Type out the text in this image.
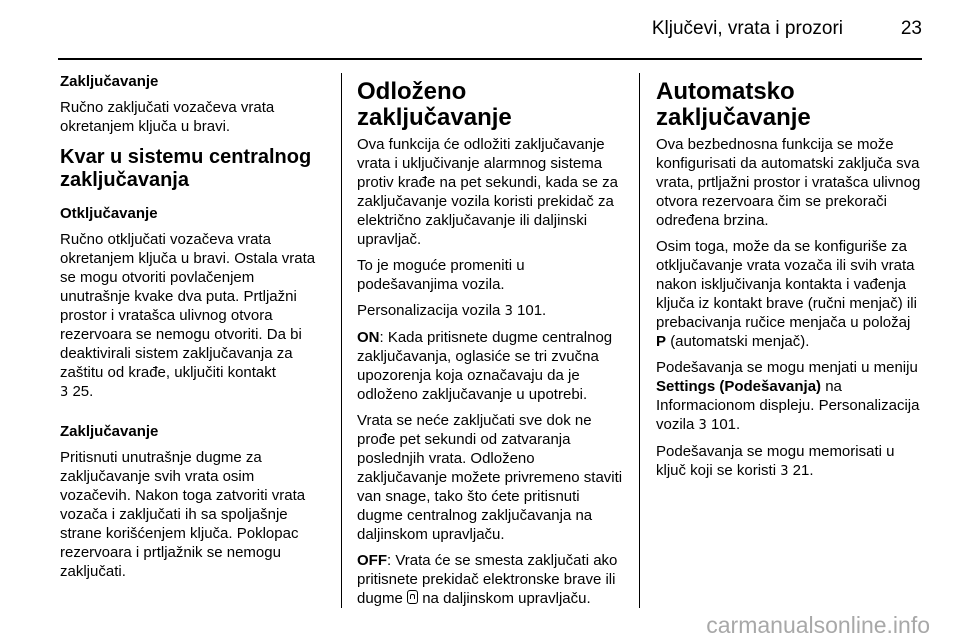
Ključevi, vrata i prozori	23

Zaključavanje

Ručno zaključati vozačeva vrata okretanjem ključa u bravi.

Kvar u sistemu centralnog zaključavanja

Otključavanje

Ručno otključati vozačeva vrata okretanjem ključa u bravi. Ostala vrata se mogu otvoriti povlačenjem unutrašnje kvake dva puta. Prtljažni prostor i vratašca ulivnog otvora rezervoara se nemogu otvoriti. Da bi deaktivirali sistem zaključavanja za zaštitu od krađe, uključiti kontakt
3 25.

Zaključavanje

Pritisnuti unutrašnje dugme za zaključavanje svih vrata osim vozačevih. Nakon toga zatvoriti vrata vozača i zaključati ih sa spoljašnje strane korišćenjem ključa. Poklopac rezervoara i prtljažnik se nemogu zaključati.

Odloženo zaključavanje

Ova funkcija će odložiti zaključavanje vrata i uključivanje alarmnog sistema protiv krađe na pet sekundi, kada se za zaključavanje vozila koristi prekidač za električno zaključavanje ili daljinski upravljač.

To je moguće promeniti u podešavanjima vozila.

Personalizacija vozila 3 101.

ON: Kada pritisnete dugme centralnog zaključavanja, oglasiće se tri zvučna upozorenja koja označavaju da je odloženo zaključavanje u upotrebi.

Vrata se neće zaključati sve dok ne prođe pet sekundi od zatvaranja poslednjih vrata. Odloženo zaključavanje možete privremeno staviti van snage, tako što ćete pritisnuti dugme centralnog zaključavanja na daljinskom upravljaču.

OFF: Vrata će se smesta zaključati ako pritisnete prekidač elektronske brave ili dugme na daljinskom upravljaču.

Automatsko zaključavanje

Ova bezbednosna funkcija se može konfigurisati da automatski zaključa sva vrata, prtljažni prostor i vratašca ulivnog otvora rezervoara čim se prekorači određena brzina.

Osim toga, može da se konfiguriše za otključavanje vrata vozača ili svih vrata nakon isključivanja kontakta i vađenja ključa iz kontakt brave (ručni menjač) ili prebacivanja ručice menjača u položaj P (automatski menjač).

Podešavanja se mogu menjati u meniju Settings (Podešavanja) na Informacionom displeju. Personalizacija vozila 3 101.

Podešavanja se mogu memorisati u ključ koji se koristi 3 21.

carmanualsonline.info
